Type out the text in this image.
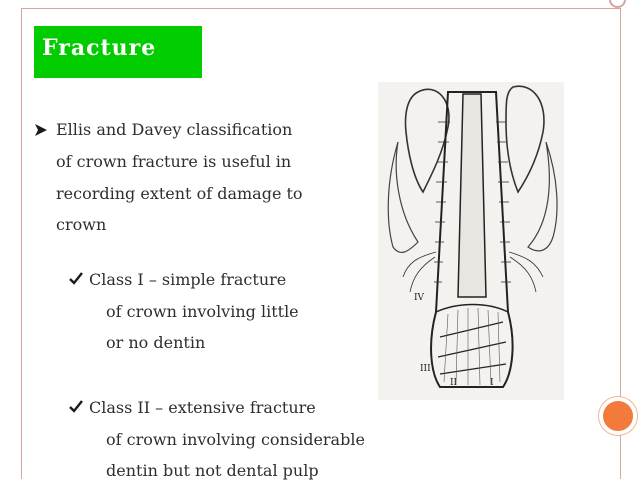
Fracture
Ellis and Davey classification
of crown fracture is useful in
recording extent of damage to
crown
Class I – simple fracture
of crown involving little
or no dentin
Class II – extensive fracture
of crown involving considerable
dentin but not dental pulp
IV
III
II	I
